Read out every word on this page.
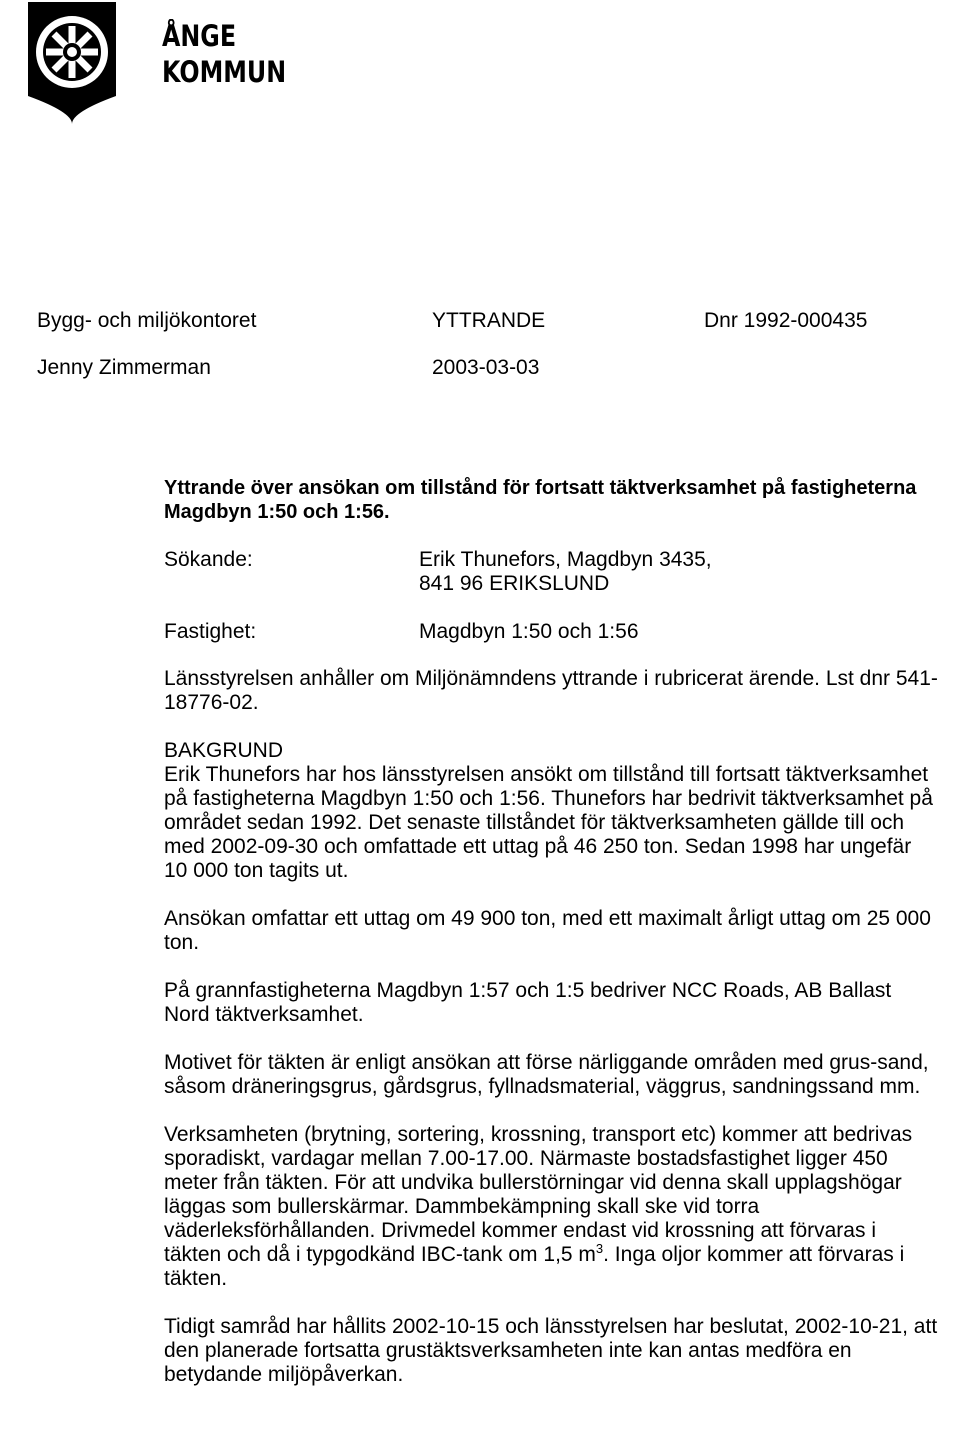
ÅNGE
KOMMUN
Bygg- och miljökontoret	YTTRANDE	Dnr 1992-000435
Jenny Zimmerman	2003-03-03
Yttrande över ansökan om tillstånd för fortsatt täktverksamhet på fastigheterna Magdbyn 1:50 och 1:56.
Sökande:	Erik Thunefors, Magdbyn 3435,
841 96 ERIKSLUND
Fastighet:	Magdbyn 1:50 och 1:56

Länsstyrelsen anhåller om Miljönämndens yttrande i rubricerat ärende. Lst dnr 541-18776-02.

BAKGRUND

Erik Thunefors har hos länsstyrelsen ansökt om tillstånd till fortsatt täktverksamhet på fastigheterna Magdbyn 1:50 och 1:56. Thunefors har bedrivit täktverksamhet på området sedan 1992. Det senaste tillståndet för täktverksamheten gällde till och med 2002-09-30 och omfattade ett uttag på 46 250 ton. Sedan 1998 har ungefär 10 000 ton tagits ut.

Ansökan omfattar ett uttag om 49 900 ton, med ett maximalt årligt uttag om 25 000 ton.

På grannfastigheterna Magdbyn 1:57 och 1:5 bedriver NCC Roads, AB Ballast Nord täktverksamhet.

Motivet för täkten är enligt ansökan att förse närliggande områden med grus-sand, såsom dräneringsgrus, gårdsgrus, fyllnadsmaterial, väggrus, sandningssand mm.

Verksamheten (brytning, sortering, krossning, transport etc) kommer att bedrivas sporadiskt, vardagar mellan 7.00-17.00. Närmaste bostadsfastighet ligger 450 meter från täkten. För att undvika bullerstörningar vid denna skall upplagshögar läggas som bullerskärmar. Dammbekämpning skall ske vid torra väderleksförhållanden. Drivmedel kommer endast vid krossning att förvaras i täkten och då i typgodkänd IBC-tank om 1,5 $m^3$. Inga oljor kommer att förvaras i täkten.

Tidigt samråd har hållits 2002-10-15 och länsstyrelsen har beslutat, 2002-10-21, att den planerade fortsatta grustäktsverksamheten inte kan antas medföra en betydande miljöpåverkan.
